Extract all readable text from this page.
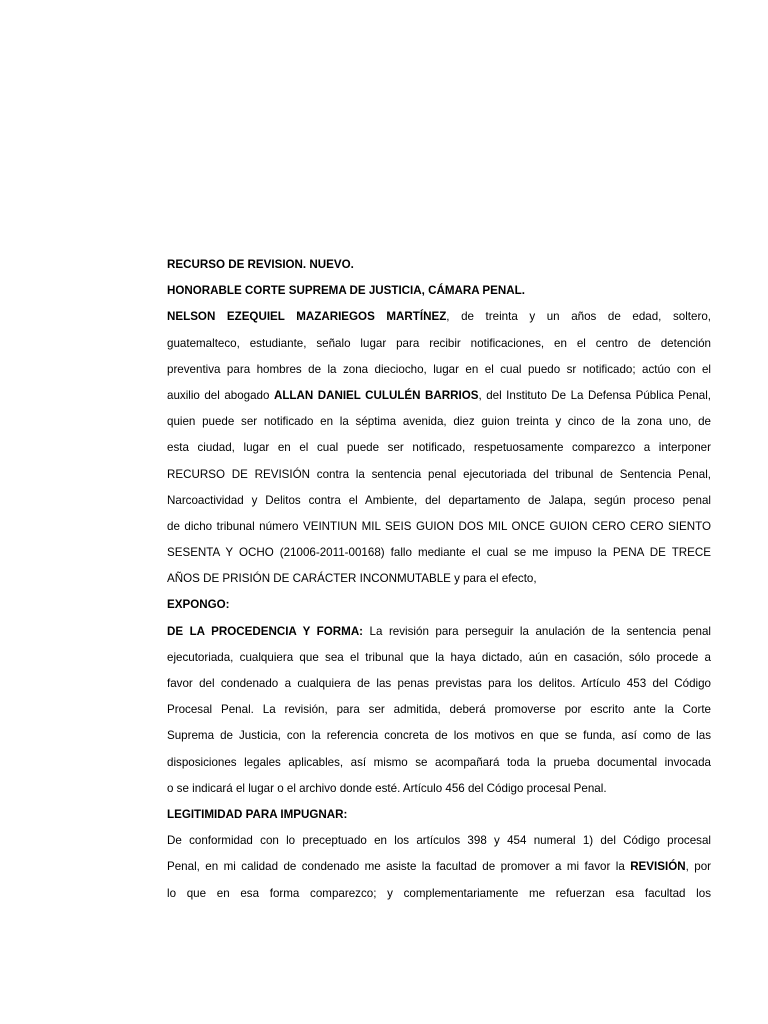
RECURSO DE REVISION. NUEVO.
HONORABLE CORTE SUPREMA DE JUSTICIA, CÁMARA PENAL.
NELSON EZEQUIEL MAZARIEGOS MARTÍNEZ, de treinta y un años de edad, soltero,
guatemalteco, estudiante, señalo lugar para recibir notificaciones, en el centro de detención
preventiva para hombres de la zona dieciocho, lugar en el cual puedo sr notificado; actúo con el
auxilio del abogado ALLAN DANIEL CULULÉN BARRIOS, del Instituto De La Defensa Pública Penal,
quien puede ser notificado en la séptima avenida, diez guion treinta y cinco de la zona uno, de
esta ciudad, lugar en el cual puede ser notificado, respetuosamente comparezco a interponer
RECURSO DE REVISIÓN contra la sentencia penal ejecutoriada del tribunal de Sentencia Penal,
Narcoactividad y Delitos contra el Ambiente, del departamento de Jalapa, según proceso penal
de dicho tribunal número VEINTIUN MIL SEIS GUION DOS MIL ONCE GUION CERO CERO SIENTO
SESENTA Y OCHO (21006-2011-00168) fallo mediante el cual se me impuso la PENA DE TRECE
AÑOS DE PRISIÓN DE CARÁCTER INCONMUTABLE y para el efecto,
EXPONGO:
DE LA PROCEDENCIA Y FORMA: La revisión para perseguir la anulación de la sentencia penal
ejecutoriada, cualquiera que sea el tribunal que la haya dictado, aún en casación, sólo procede a
favor del condenado a cualquiera de las penas previstas para los delitos. Artículo 453 del Código
Procesal Penal. La revisión, para ser admitida, deberá promoverse por escrito ante la Corte
Suprema de Justicia, con la referencia concreta de los motivos en que se funda, así como de las
disposiciones legales aplicables, así mismo se acompañará toda la prueba documental invocada
o se indicará el lugar o el archivo donde esté. Artículo 456 del Código procesal Penal.
LEGITIMIDAD PARA IMPUGNAR:
De conformidad con lo preceptuado en los artículos 398 y 454 numeral 1) del Código procesal
Penal, en mi calidad de condenado me asiste la facultad de promover a mi favor la REVISIÓN, por
lo que en esa forma comparezco; y complementariamente me refuerzan esa facultad los
